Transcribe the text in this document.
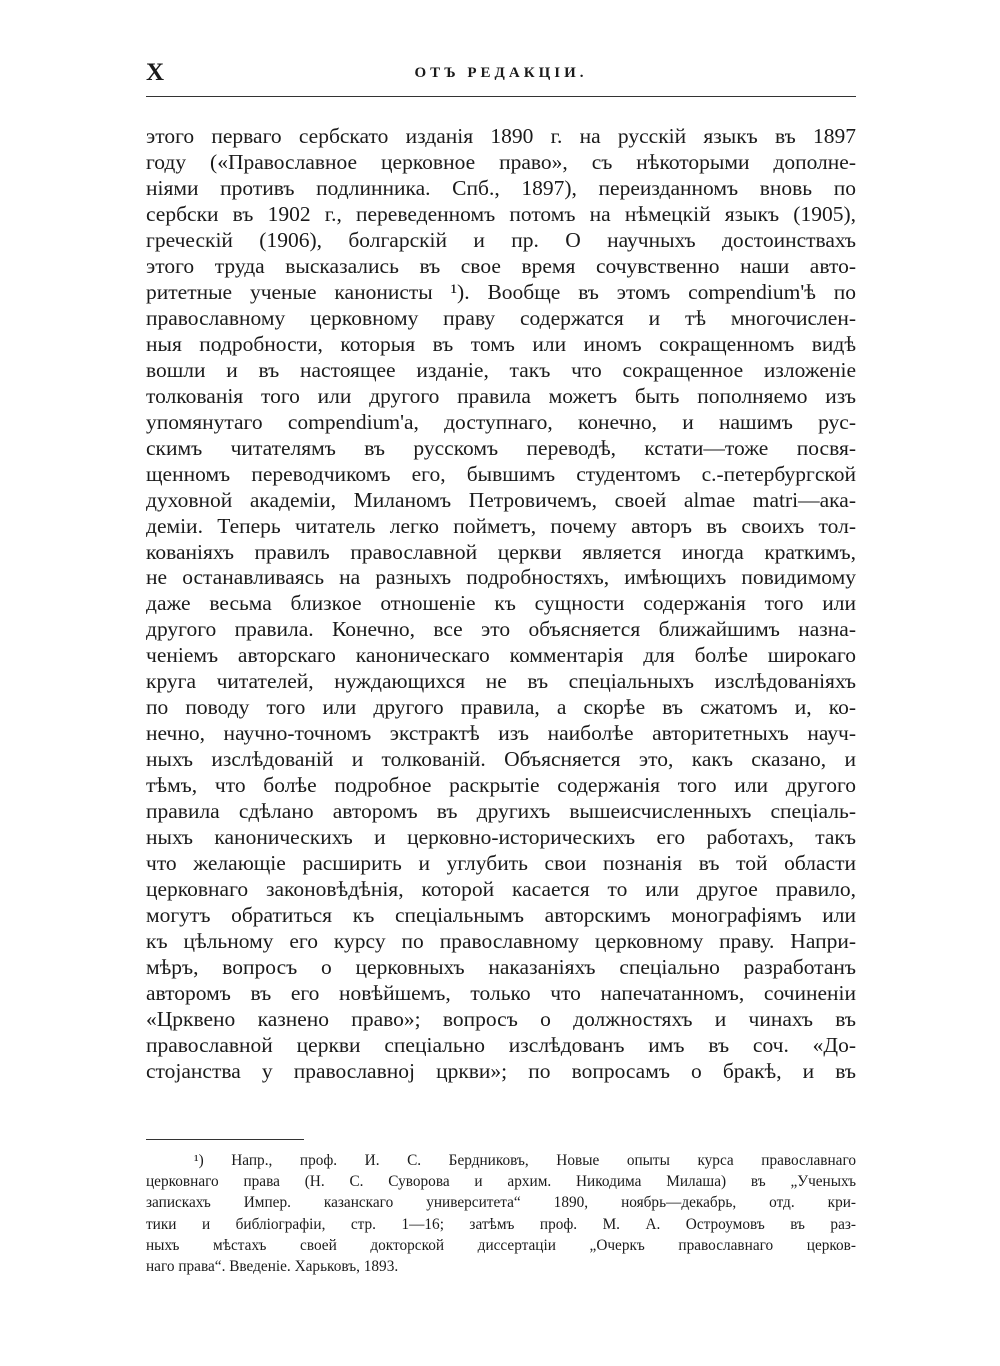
X	ОТЪ РЕДАКЦІИ.
этого перваго сербскато изданія 1890 г. на русскій языкъ въ 1897
году («Православное церковное право», съ нѣкоторыми дополне-
ніями противъ подлинника. Спб., 1897), переизданномъ вновь по
сербски въ 1902 г., переведенномъ потомъ на нѣмецкій языкъ (1905),
греческій (1906), болгарскій и пр. О научныхъ достоинствахъ
этого труда высказались въ свое время сочувственно наши авто-
ритетные ученые канонисты ¹). Вообще въ этомъ compendium'ѣ по
православному церковному праву содержатся и тѣ многочислен-
ныя подробности, которыя въ томъ или иномъ сокращенномъ видѣ
вошли и въ настоящее изданіе, такъ что сокращенное изложеніе
толкованія того или другого правила можетъ быть пополняемо изъ
упомянутаго compendium'a, доступнаго, конечно, и нашимъ рус-
скимъ читателямъ въ русскомъ переводѣ, кстати—тоже посвя-
щенномъ переводчикомъ его, бывшимъ студентомъ с.-петербургской
духовной академіи, Миланомъ Петровичемъ, своей almae matri—ака-
деміи. Теперь читатель легко пойметъ, почему авторъ въ своихъ тол-
кованіяхъ правилъ православной церкви является иногда краткимъ,
не останавливаясь на разныхъ подробностяхъ, имѣющихъ повидимому
даже весьма близкое отношеніе къ сущности содержанія того или
другого правила. Конечно, все это объясняется ближайшимъ назна-
ченіемъ авторскаго каноническаго комментарія для болѣе широкаго
круга читателей, нуждающихся не въ спеціальныхъ изслѣдованіяхъ
по поводу того или другого правила, а скорѣе въ сжатомъ и, ко-
нечно, научно-точномъ экстрактѣ изъ наиболѣе авторитетныхъ науч-
ныхъ изслѣдованій и толкованій. Объясняется это, какъ сказано, и
тѣмъ, что болѣе подробное раскрытіе содержанія того или другого
правила сдѣлано авторомъ въ другихъ вышеисчисленныхъ спеціаль-
ныхъ каноническихъ и церковно-историческихъ его работахъ, такъ
что желающіе расширить и углубить свои познанія въ той области
церковнаго законовѣдѣнія, которой касается то или другое правило,
могутъ обратиться къ спеціальнымъ авторскимъ монографіямъ или
къ цѣльному его курсу по православному церковному праву. Напри-
мѣръ, вопросъ о церковныхъ наказаніяхъ спеціально разработанъ
авторомъ въ его новѣйшемъ, только что напечатанномъ, сочиненіи
«Црквено казнено право»; вопросъ о должностяхъ и чинахъ въ
православной церкви спеціально изслѣдованъ имъ въ соч. «До-
стојанства у православној цркви»; по вопросамъ о бракѣ, и въ
¹) Напр., проф. И. С. Бердниковъ, Новые опыты курса православнаго
церковнаго права (Н. С. Суворова и архим. Никодима Милаша) въ „Ученыхъ
запискахъ Импер. казанскаго университета“ 1890, ноябрь—декабрь, отд. кри-
тики и библіографіи, стр. 1—16; затѣмъ проф. М. А. Остроумовъ въ раз-
ныхъ мѣстахъ своей докторской диссертаціи „Очеркъ православнаго церков-
наго права“. Введеніе. Харьковъ, 1893.
